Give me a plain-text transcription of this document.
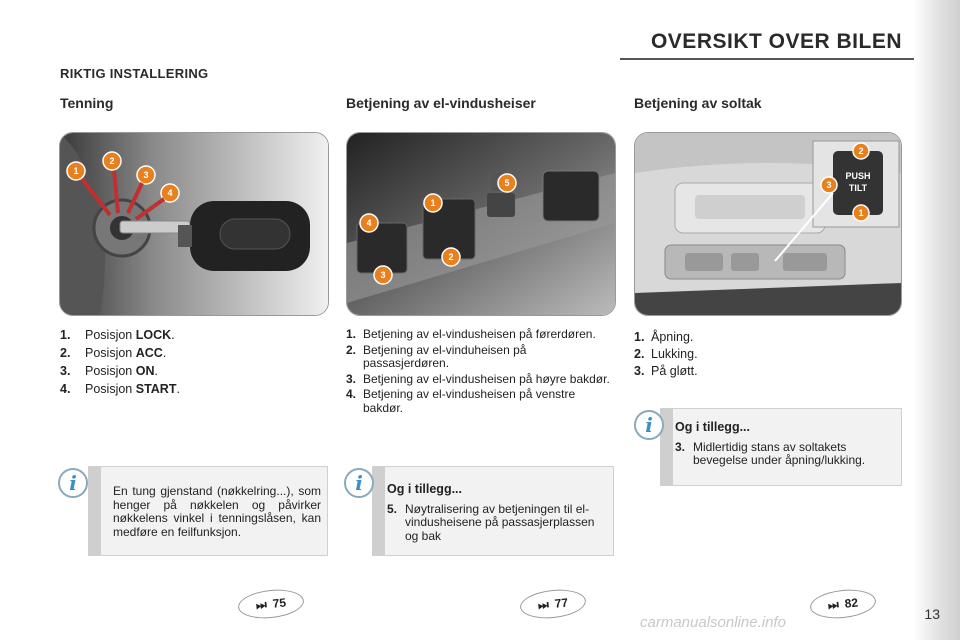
OVERSIKT OVER BILEN
RIKTIG INSTALLERING
Tenning	Betjening av el-vindusheiser	Betjening av soltak
1
2
3
4
1
2
3
4
5
PUSH
TILT
1
2
3
1. Posisjon LOCK.
2. Posisjon ACC.
3. Posisjon ON.
4. Posisjon START.
1. Betjening av el-vindusheisen på førerdøren.
2. Betjening av el-vinduheisen på passasjerdøren.
3. Betjening av el-vindusheisen på høyre bakdør.
4. Betjening av el-vindusheisen på venstre bakdør.
1. Åpning.
2. Lukking.
3. På gløtt.
En tung gjenstand (nøkkelring...), som henger på nøkkelen og påvirker nøkkelens vinkel i tenningslåsen, kan medføre en feilfunksjon.
i	Og i tillegg...
5. Nøytralisering av betjeningen til el-vindusheisene på passasjerplassen og bak
i
Og i tillegg...
3. Midlertidig stans av soltakets bevegelse under åpning/lukking.
i
⏭ 75	⏭ 77	⏭ 82
13
carmanualsonline.info
